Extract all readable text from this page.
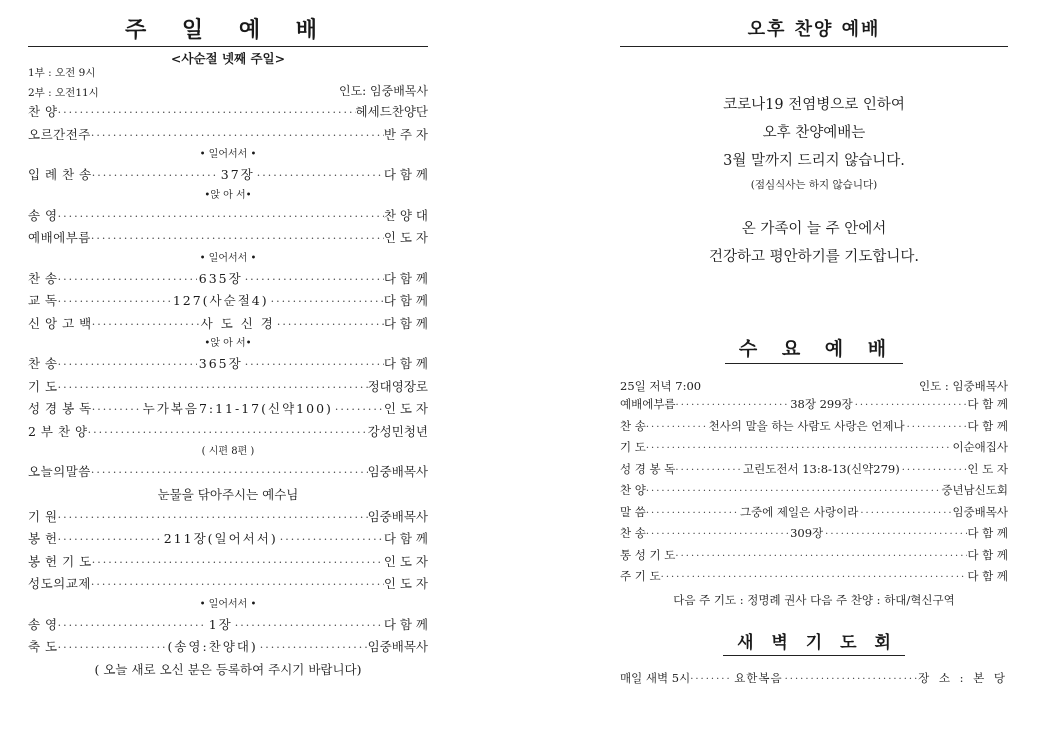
주 일 예 배
<사순절 넷째 주일>
1부 : 오전 9시
2부 : 오전11시	인도: 임중배목사
찬 양 ·····	헤세드찬양단
오르간전주 ·····	반 주 자
• 일어서서 •
입 례 찬 송 ·····	37장 ·····	다 함 께
•앉 아 서•
송 영 ·····	찬 양 대
예배에부름 ·····	인 도 자
• 일어서서 •
찬 송 ·····	635장 ·····	다 함 께
교 독 ·····	127(사순절4) ·····	다 함 께
신 앙 고 백 ·····	사 도 신 경 ·····	다 함 께
•앉 아 서•
찬 송 ·····	365장 ·····	다 함 께
기 도 ·····	정대영장로
성 경 봉 독 ·····	누가복음7:11-17(신약100) ·····	인 도 자
2 부 찬 양 ·····	강성민청년
( 시편 8편 )
오늘의말씀 ·····	임중배목사
눈물을 닦아주시는 예수님
기 원 ·····	임중배목사
봉 헌 ·····	211장(일어서서) ·····	다 함 께
봉 헌 기 도 ·····	인 도 자
성도의교제 ·····	인 도 자
• 일어서서 •
송 영 ·····	1장 ·····	다 함 께
축 도 ·····	(송영:찬양대) ·····	임중배목사
( 오늘 새로 오신 분은 등록하여 주시기 바랍니다)
오후 찬양 예배
코로나19 전염병으로 인하여
오후 찬양예배는
3월 말까지 드리지 않습니다.
(점심식사는 하지 않습니다)
온 가족이 늘 주 안에서
건강하고 평안하기를 기도합니다.
수 요 예 배
25일 저녁 7:00	인도 : 임중배목사
예배에부름 ·····	38장 299장 ·····	다 함 께
찬 송 ·····	천사의 말을 하는 사람도 사랑은 언제나 ·····	다 함 께
기 도 ·····	이순애집사
성 경 봉 독 ·····	고린도전서 13:8-13(신약279) ·····	인 도 자
찬 양 ·····	중년남신도회
말 씀 ·····	그중에 제일은 사랑이라 ·····	임중배목사
찬 송 ·····	309장 ·····	다 함 께
통 성 기 도 ·····	다 함 께
주 기 도 ·····	다 함 께
다음 주 기도 : 정명례 권사 다음 주 찬양 : 하대/혁신구역
새 벽 기 도 회
매일 새벽 5시 ·····	요한복음 ·····	장 소 : 본 당
